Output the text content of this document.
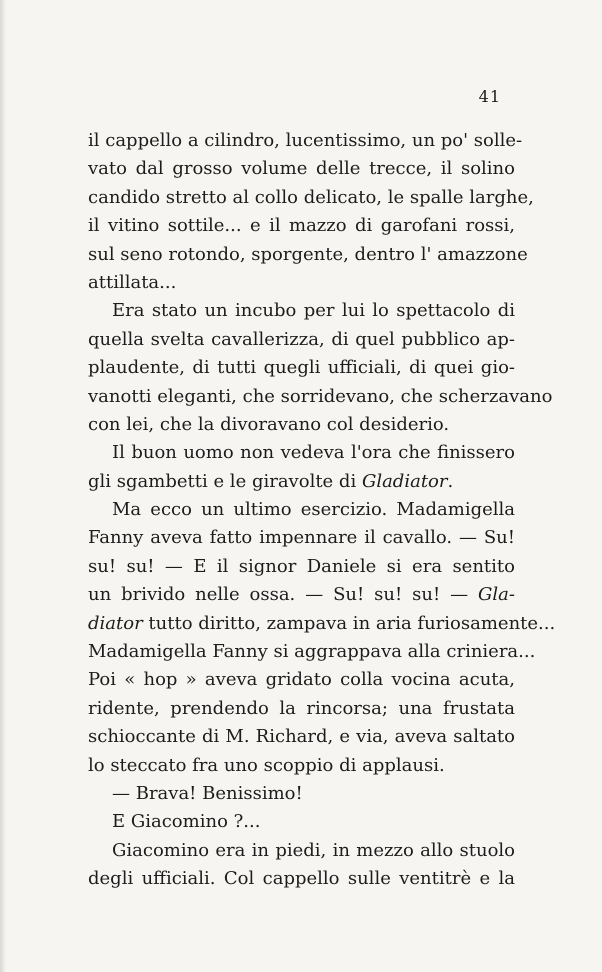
41
il cappello a cilindro, lucentissimo, un po' solle-
vato dal grosso volume delle trecce, il solino
candido stretto al collo delicato, le spalle larghe,
il vitino sottile... e il mazzo di garofani rossi,
sul seno rotondo, sporgente, dentro l' amazzone
attillata...
Era stato un incubo per lui lo spettacolo di
quella svelta cavallerizza, di quel pubblico ap-
plaudente, di tutti quegli ufficiali, di quei gio-
vanotti eleganti, che sorridevano, che scherzavano
con lei, che la divoravano col desiderio.
Il buon uomo non vedeva l'ora che finissero
gli sgambetti e le giravolte di Gladiator.
Ma ecco un ultimo esercizio. Madamigella
Fanny aveva fatto impennare il cavallo. — Su!
su! su! — E il signor Daniele si era sentito
un brivido nelle ossa. — Su! su! su! — Gla-
diator tutto diritto, zampava in aria furiosamente...
Madamigella Fanny si aggrappava alla criniera...
Poi « hop » aveva gridato colla vocina acuta,
ridente, prendendo la rincorsa; una frustata
schioccante di M. Richard, e via, aveva saltato
lo steccato fra uno scoppio di applausi.
— Brava! Benissimo!
E Giacomino ?...
Giacomino era in piedi, in mezzo allo stuolo
degli ufficiali. Col cappello sulle ventitrè e la
